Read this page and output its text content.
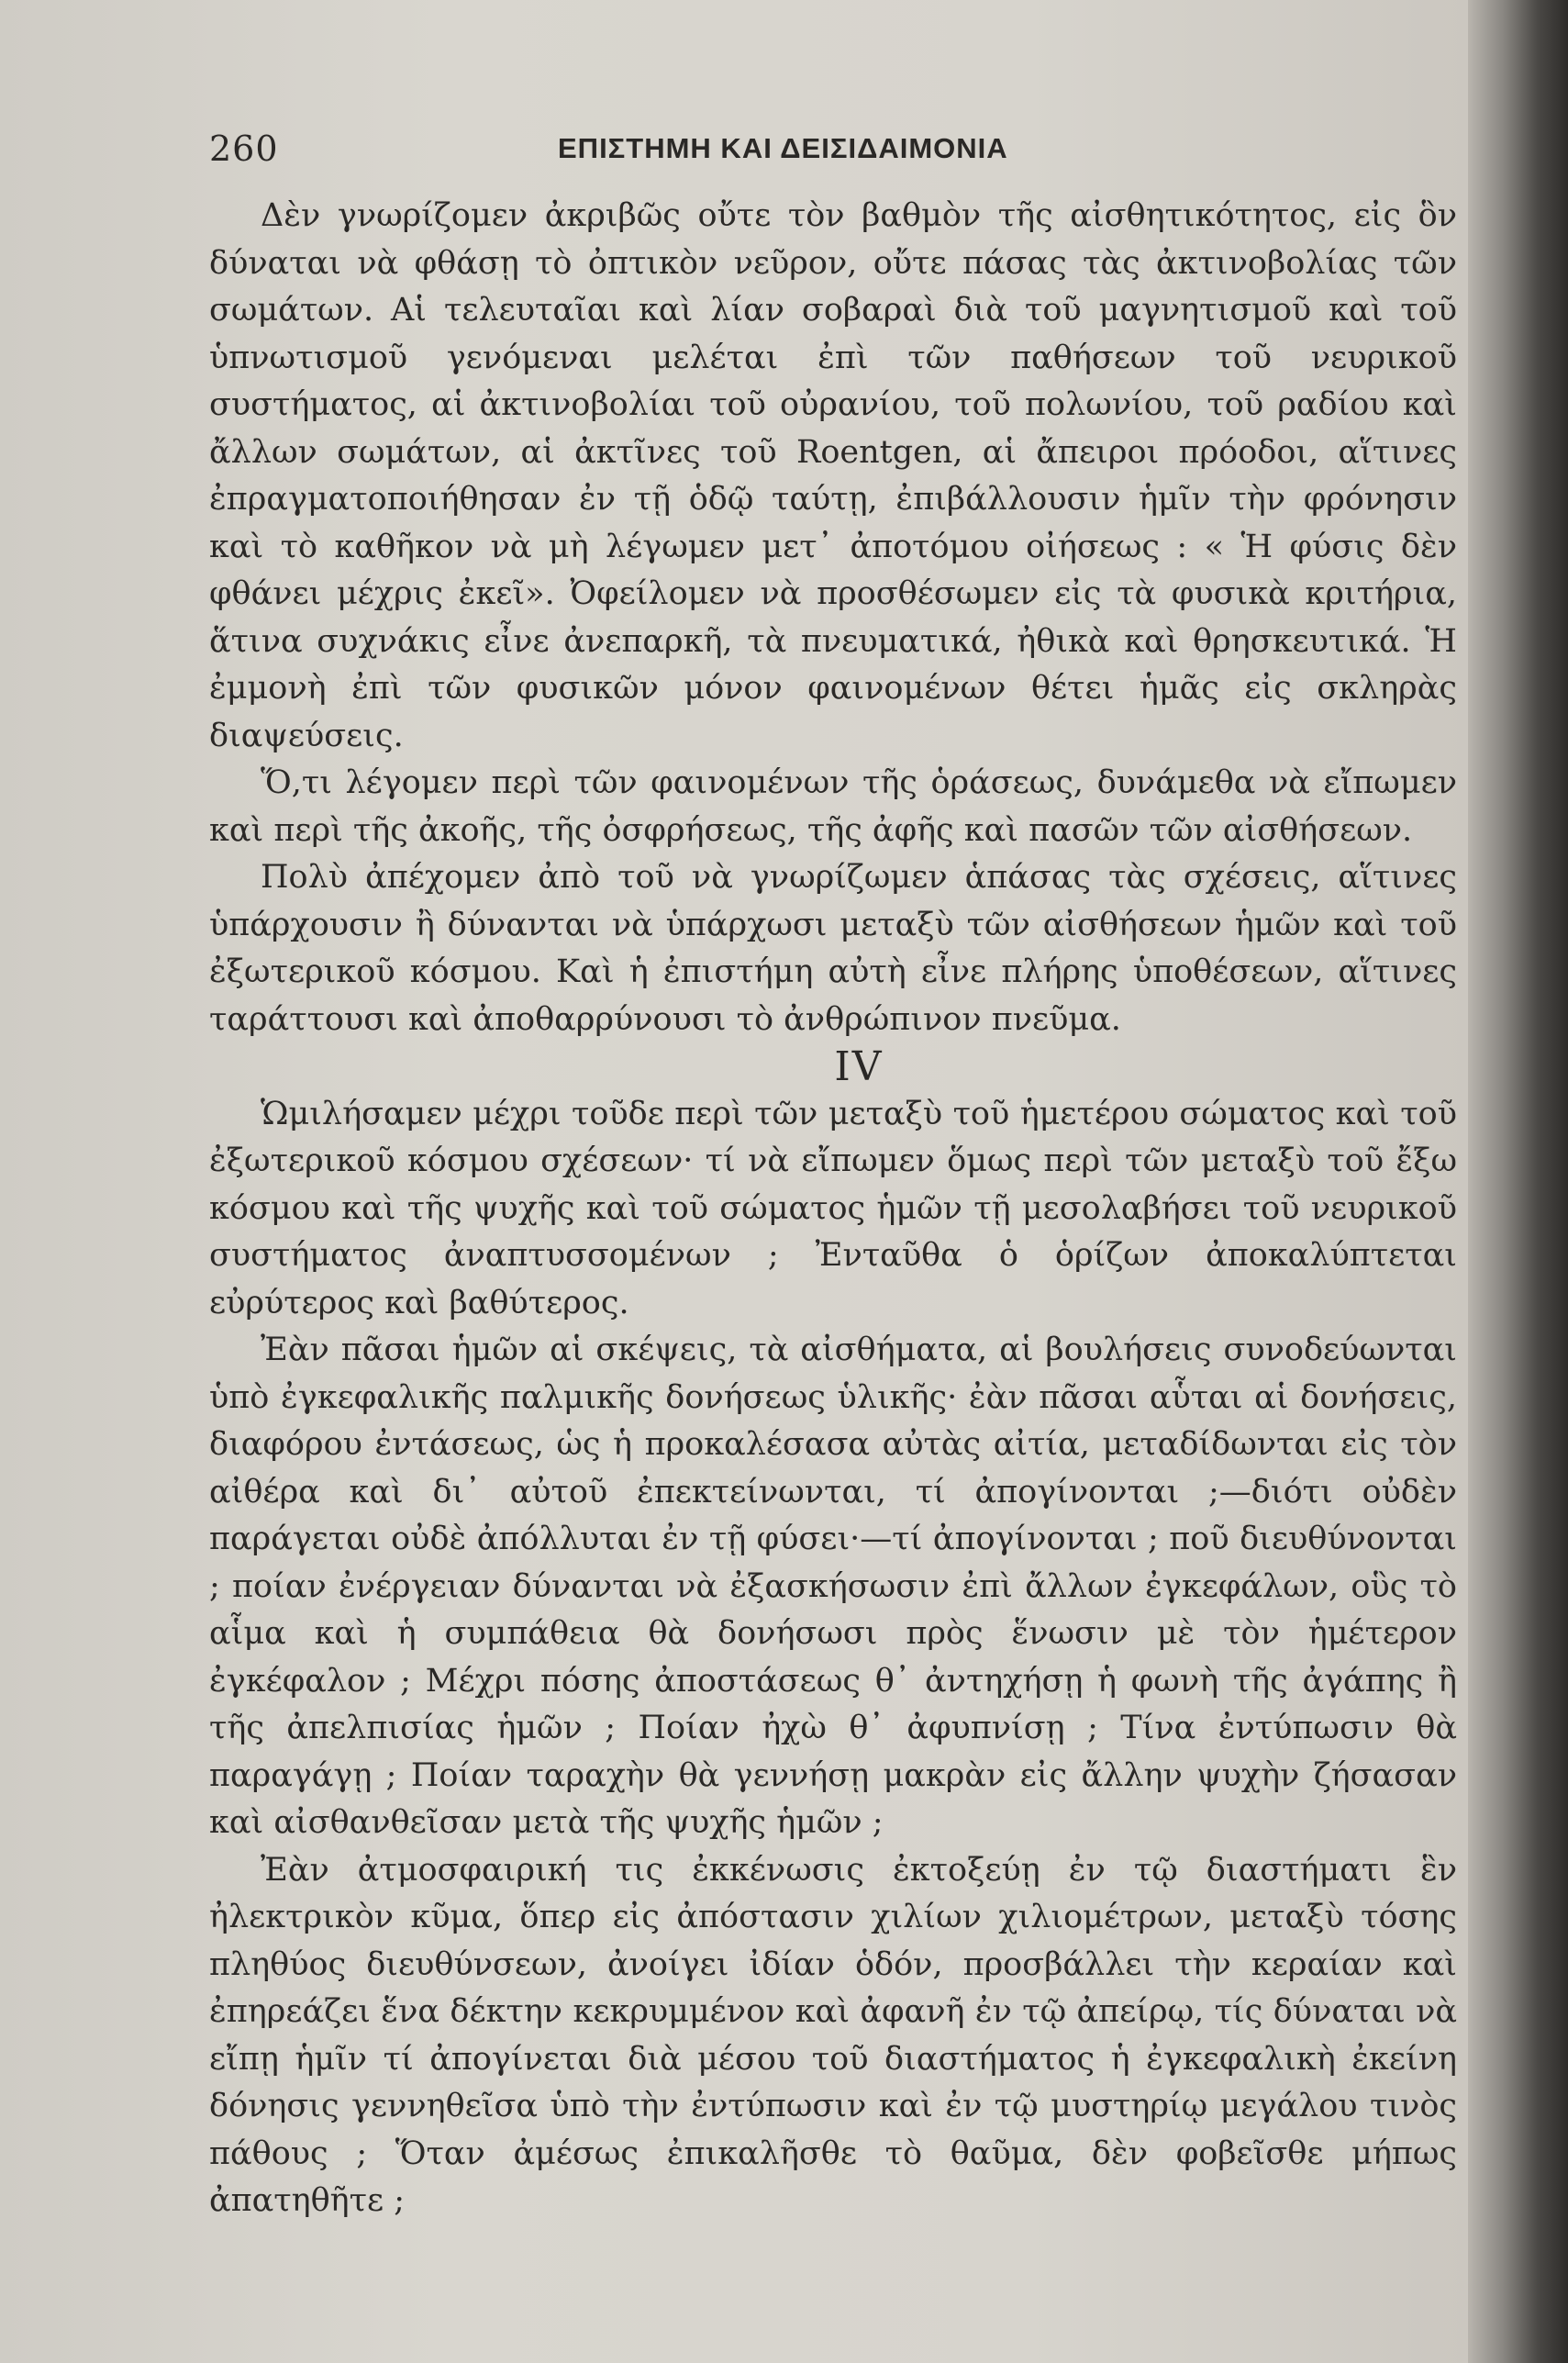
260	ΕΠΙΣΤΗΜΗ ΚΑΙ ΔΕΙΣΙΔΑΙΜΟΝΙΑ

Δὲν γνωρίζομεν ἀκριβῶς οὔτε τὸν βαθμὸν τῆς αἰσθητικότητος, εἰς ὃν δύναται νὰ φθάσῃ τὸ ὀπτικὸν νεῦρον, οὔτε πάσας τὰς ἀκτινοβολίας τῶν σωμάτων. Αἱ τελευταῖαι καὶ λίαν σοβαραὶ διὰ τοῦ μαγνητισμοῦ καὶ τοῦ ὑπνωτισμοῦ γενόμεναι μελέται ἐπὶ τῶν παθήσεων τοῦ νευρικοῦ συστήματος, αἱ ἀκτινοβολίαι τοῦ οὐρανίου, τοῦ πολωνίου, τοῦ ραδίου καὶ ἄλλων σωμάτων, αἱ ἀκτῖνες τοῦ Roentgen, αἱ ἄπειροι πρόοδοι, αἵτινες ἐπραγματοποιήθησαν ἐν τῇ ὁδῷ ταύτῃ, ἐπιβάλλουσιν ἡμῖν τὴν φρόνησιν καὶ τὸ καθῆκον νὰ μὴ λέγωμεν μετ᾽ ἀποτόμου οἰήσεως : « Ἡ φύσις δὲν φθάνει μέχρις ἐκεῖ». Ὀφείλομεν νὰ προσθέσωμεν εἰς τὰ φυσικὰ κριτήρια, ἅτινα συχνάκις εἶνε ἀνεπαρκῆ, τὰ πνευματικά, ἠθικὰ καὶ θρησκευτικά. Ἡ ἐμμονὴ ἐπὶ τῶν φυσικῶν μόνον φαινομένων θέτει ἡμᾶς εἰς σκληρὰς διαψεύσεις.

Ὅ,τι λέγομεν περὶ τῶν φαινομένων τῆς ὁράσεως, δυνάμεθα νὰ εἴπωμεν καὶ περὶ τῆς ἀκοῆς, τῆς ὀσφρήσεως, τῆς ἀφῆς καὶ πασῶν τῶν αἰσθήσεων.

Πολὺ ἀπέχομεν ἀπὸ τοῦ νὰ γνωρίζωμεν ἁπάσας τὰς σχέσεις, αἵτινες ὑπάρχουσιν ἢ δύνανται νὰ ὑπάρχωσι μεταξὺ τῶν αἰσθήσεων ἡμῶν καὶ τοῦ ἐξωτερικοῦ κόσμου. Καὶ ἡ ἐπιστήμη αὐτὴ εἶνε πλήρης ὑποθέσεων, αἵτινες ταράττουσι καὶ ἀποθαρρύνουσι τὸ ἀνθρώπινον πνεῦμα.

IV

Ὡμιλήσαμεν μέχρι τοῦδε περὶ τῶν μεταξὺ τοῦ ἡμετέρου σώματος καὶ τοῦ ἐξωτερικοῦ κόσμου σχέσεων· τί νὰ εἴπωμεν ὅμως περὶ τῶν μεταξὺ τοῦ ἔξω κόσμου καὶ τῆς ψυχῆς καὶ τοῦ σώματος ἡμῶν τῇ μεσολαβήσει τοῦ νευρικοῦ συστήματος ἀναπτυσσομένων ; Ἐνταῦθα ὁ ὁρίζων ἀποκαλύπτεται εὐρύτερος καὶ βαθύτερος.

Ἐὰν πᾶσαι ἡμῶν αἱ σκέψεις, τὰ αἰσθήματα, αἱ βουλήσεις συνοδεύωνται ὑπὸ ἐγκεφαλικῆς παλμικῆς δονήσεως ὑλικῆς· ἐὰν πᾶσαι αὗται αἱ δονήσεις, διαφόρου ἐντάσεως, ὡς ἡ προκαλέσασα αὐτὰς αἰτία, μεταδίδωνται εἰς τὸν αἰθέρα καὶ δι᾽ αὐτοῦ ἐπεκτείνωνται, τί ἀπογίνονται ;—διότι οὐδὲν παράγεται οὐδὲ ἀπόλλυται ἐν τῇ φύσει·—τί ἀπογίνονται ; ποῦ διευθύνονται ; ποίαν ἐνέργειαν δύνανται νὰ ἐξασκήσωσιν ἐπὶ ἄλλων ἐγκεφάλων, οὓς τὸ αἷμα καὶ ἡ συμπάθεια θὰ δονήσωσι πρὸς ἕνωσιν μὲ τὸν ἡμέτερον ἐγκέφαλον ; Μέχρι πόσης ἀποστάσεως θ᾽ ἀντηχήσῃ ἡ φωνὴ τῆς ἀγάπης ἢ τῆς ἀπελπισίας ἡμῶν ; Ποίαν ἠχὼ θ᾽ ἀφυπνίσῃ ; Τίνα ἐντύπωσιν θὰ παραγάγῃ ; Ποίαν ταραχὴν θὰ γεννήσῃ μακρὰν εἰς ἄλλην ψυχὴν ζήσασαν καὶ αἰσθανθεῖσαν μετὰ τῆς ψυχῆς ἡμῶν ;

Ἐὰν ἀτμοσφαιρική τις ἐκκένωσις ἐκτοξεύῃ ἐν τῷ διαστήματι ἓν ἠλεκτρικὸν κῦμα, ὅπερ εἰς ἀπόστασιν χιλίων χιλιομέτρων, μεταξὺ τόσης πληθύος διευθύνσεων, ἀνοίγει ἰδίαν ὁδόν, προσβάλλει τὴν κεραίαν καὶ ἐπηρεάζει ἕνα δέκτην κεκρυμμένον καὶ ἀφανῆ ἐν τῷ ἀπείρῳ, τίς δύναται νὰ εἴπῃ ἡμῖν τί ἀπογίνεται διὰ μέσου τοῦ διαστήματος ἡ ἐγκεφαλικὴ ἐκείνη δόνησις γεννηθεῖσα ὑπὸ τὴν ἐντύπωσιν καὶ ἐν τῷ μυστηρίῳ μεγάλου τινὸς πάθους ; Ὅταν ἀμέσως ἐπικαλῆσθε τὸ θαῦμα, δὲν φοβεῖσθε μήπως ἀπατηθῆτε ;
